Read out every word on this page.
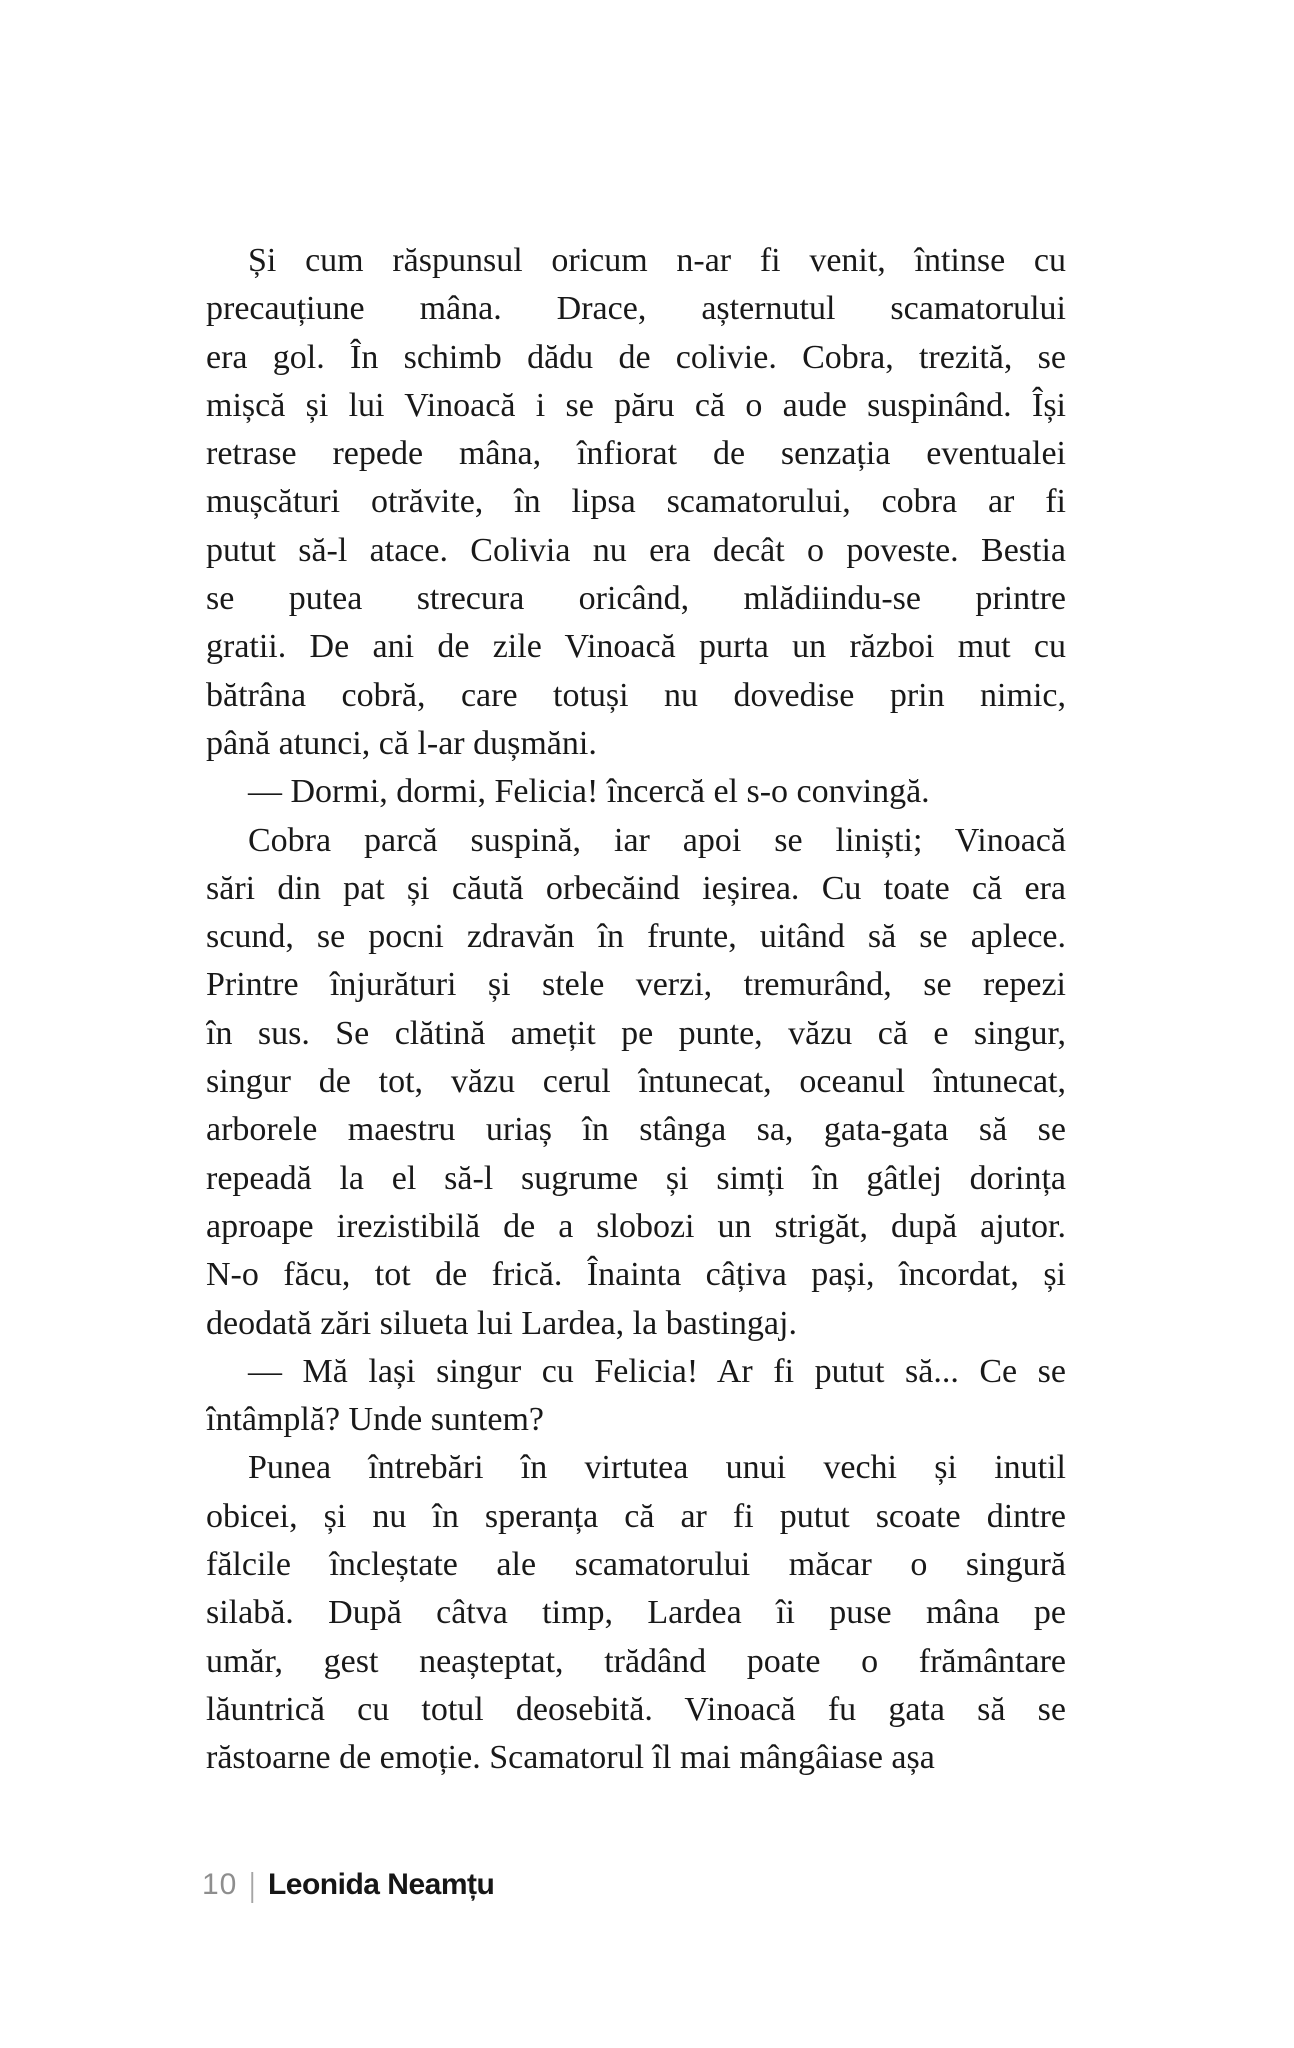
Și cum răspunsul oricum n-ar fi venit, întinse cu
precauțiune mâna. Drace, așternutul scamatorului
era gol. În schimb dădu de colivie. Cobra, trezită, se
mișcă și lui Vinoacă i se păru că o aude suspinând. Își
retrase repede mâna, înfiorat de senzația eventualei
mușcături otrăvite, în lipsa scamatorului, cobra ar fi
putut să-l atace. Colivia nu era decât o poveste. Bestia
se putea strecura oricând, mlădiindu-se printre
gratii. De ani de zile Vinoacă purta un război mut cu
bătrâna cobră, care totuși nu dovedise prin nimic,
până atunci, că l-ar dușmăni.
— Dormi, dormi, Felicia! încercă el s-o convingă.
Cobra parcă suspină, iar apoi se liniști; Vinoacă
sări din pat și căută orbecăind ieșirea. Cu toate că era
scund, se pocni zdravăn în frunte, uitând să se aplece.
Printre înjurături și stele verzi, tremurând, se repezi
în sus. Se clătină amețit pe punte, văzu că e singur,
singur de tot, văzu cerul întunecat, oceanul întunecat,
arborele maestru uriaș în stânga sa, gata-gata să se
repeadă la el să-l sugrume și simți în gâtlej dorința
aproape irezistibilă de a slobozi un strigăt, după ajutor.
N-o făcu, tot de frică. Înainta câțiva pași, încordat, și
deodată zări silueta lui Lardea, la bastingaj.
— Mă lași singur cu Felicia! Ar fi putut să... Ce se
întâmplă? Unde suntem?
Punea întrebări în virtutea unui vechi și inutil
obicei, și nu în speranța că ar fi putut scoate dintre
fălcile încleștate ale scamatorului măcar o singură
silabă. După câtva timp, Lardea îi puse mâna pe
umăr, gest neașteptat, trădând poate o frământare
lăuntrică cu totul deosebită. Vinoacă fu gata să se
răstoarne de emoție. Scamatorul îl mai mângâiase așa
10 | Leonida Neamțu
